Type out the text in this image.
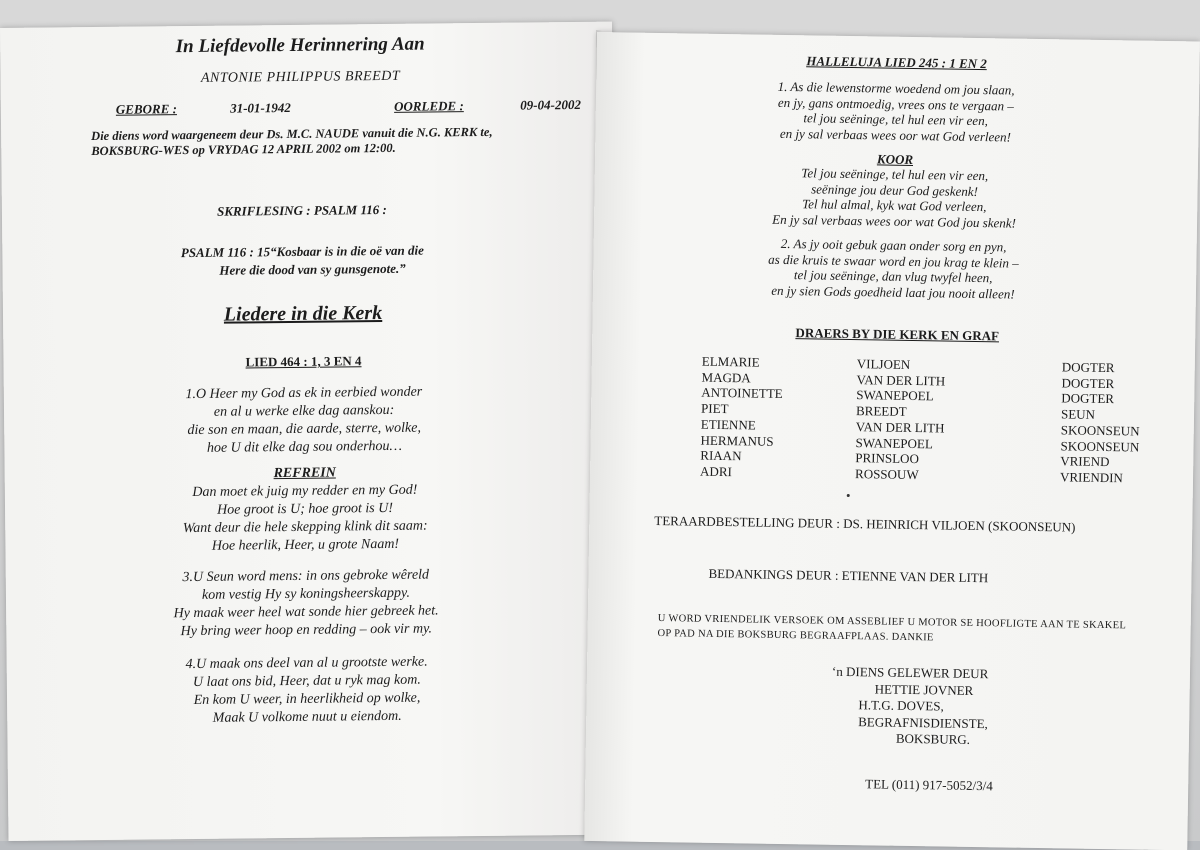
In Liefdevolle Herinnering Aan
ANTONIE PHILIPPUS BREEDT
GEBORE :	31-01-1942	OORLEDE :	09-04-2002
Die diens word waargeneem deur Ds. M.C. NAUDE vanuit die N.G. KERK te,
BOKSBURG-WES op VRYDAG 12 APRIL 2002 om 12:00.
SKRIFLESING : PSALM 116 :
PSALM 116 : 15“Kosbaar is in die oë van die
Here die dood van sy gunsgenote.”
Liedere in die Kerk
LIED 464 : 1, 3 EN 4
1.O Heer my God as ek in eerbied wonder
en al u werke elke dag aanskou:
die son en maan, die aarde, sterre, wolke,
hoe U dit elke dag sou onderhou…
REFREIN
Dan moet ek juig my redder en my God!
Hoe groot is U; hoe groot is U!
Want deur die hele skepping klink dit saam:
Hoe heerlik, Heer, u grote Naam!
3.U Seun word mens: in ons gebroke wêreld
kom vestig Hy sy koningsheerskappy.
Hy maak weer heel wat sonde hier gebreek het.
Hy bring weer hoop en redding – ook vir my.
4.U maak ons deel van al u grootste werke.
U laat ons bid, Heer, dat u ryk mag kom.
En kom U weer, in heerlikheid op wolke,
Maak U volkome nuut u eiendom.
HALLELUJA LIED 245 : 1 EN 2
1. As die lewenstorme woedend om jou slaan,
en jy, gans ontmoedig, vrees ons te vergaan –
tel jou seëninge, tel hul een vir een,
en jy sal verbaas wees oor wat God verleen!
KOOR
Tel jou seëninge, tel hul een vir een,
seëninge jou deur God geskenk!
Tel hul almal, kyk wat God verleen,
En jy sal verbaas wees oor wat God jou skenk!
2. As jy ooit gebuk gaan onder sorg en pyn,
as die kruis te swaar word en jou krag te klein –
tel jou seëninge, dan vlug twyfel heen,
en jy sien Gods goedheid laat jou nooit alleen!
DRAERS BY DIE KERK EN GRAF
ELMARIE	VILJOEN	DOGTER
MAGDA	VAN DER LITH	DOGTER
ANTOINETTE	SWANEPOEL	DOGTER
PIET	BREEDT	SEUN
ETIENNE	VAN DER LITH	SKOONSEUN
HERMANUS	SWANEPOEL	SKOONSEUN
RIAAN	PRINSLOO	VRIEND
ADRI	ROSSOUW	VRIENDIN
TERAARDBESTELLING DEUR : DS. HEINRICH VILJOEN (SKOONSEUN)
BEDANKINGS DEUR : ETIENNE VAN DER LITH
U WORD VRIENDELIK VERSOEK OM ASSEBLIEF U MOTOR SE HOOFLIGTE AAN TE SKAKEL
OP PAD NA DIE BOKSBURG BEGRAAFPLAAS. DANKIE
‘n DIENS GELEWER DEUR
HETTIE JOVNER
H.T.G. DOVES,
BEGRAFNISDIENSTE,
BOKSBURG.
TEL (011) 917-5052/3/4
